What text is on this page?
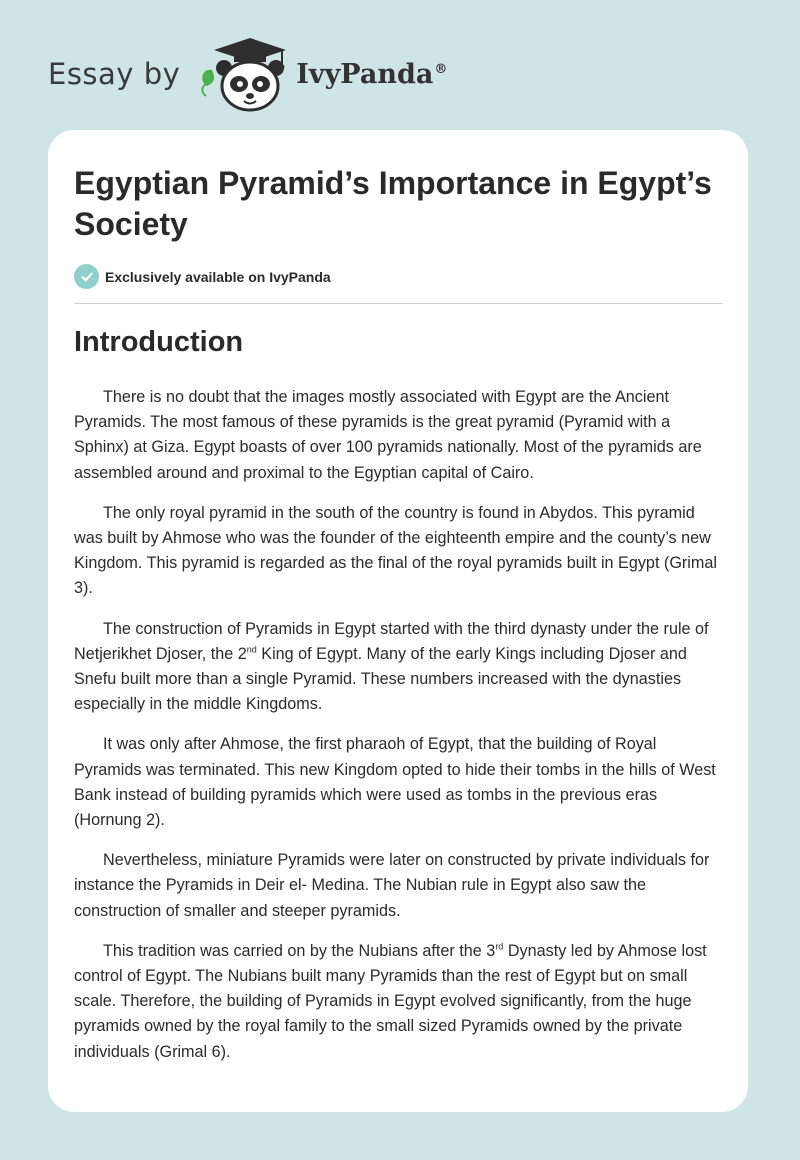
Essay by	IvyPanda®
Egyptian Pyramid’s Importance in Egypt’s Society
Exclusively available on IvyPanda
Introduction

There is no doubt that the images mostly associated with Egypt are the Ancient Pyramids. The most famous of these pyramids is the great pyramid (Pyramid with a Sphinx) at Giza. Egypt boasts of over 100 pyramids nationally. Most of the pyramids are assembled around and proximal to the Egyptian capital of Cairo.

The only royal pyramid in the south of the country is found in Abydos. This pyramid was built by Ahmose who was the founder of the eighteenth empire and the county’s new Kingdom. This pyramid is regarded as the final of the royal pyramids built in Egypt (Grimal 3).

The construction of Pyramids in Egypt started with the third dynasty under the rule of Netjerikhet Djoser, the 2nd King of Egypt. Many of the early Kings including Djoser and Snefu built more than a single Pyramid. These numbers increased with the dynasties especially in the middle Kingdoms.

It was only after Ahmose, the first pharaoh of Egypt, that the building of Royal Pyramids was terminated. This new Kingdom opted to hide their tombs in the hills of West Bank instead of building pyramids which were used as tombs in the previous eras (Hornung 2).

Nevertheless, miniature Pyramids were later on constructed by private individuals for instance the Pyramids in Deir el- Medina. The Nubian rule in Egypt also saw the construction of smaller and steeper pyramids.

This tradition was carried on by the Nubians after the 3rd Dynasty led by Ahmose lost control of Egypt. The Nubians built many Pyramids than the rest of Egypt but on small scale. Therefore, the building of Pyramids in Egypt evolved significantly, from the huge pyramids owned by the royal family to the small sized Pyramids owned by the private individuals (Grimal 6).
